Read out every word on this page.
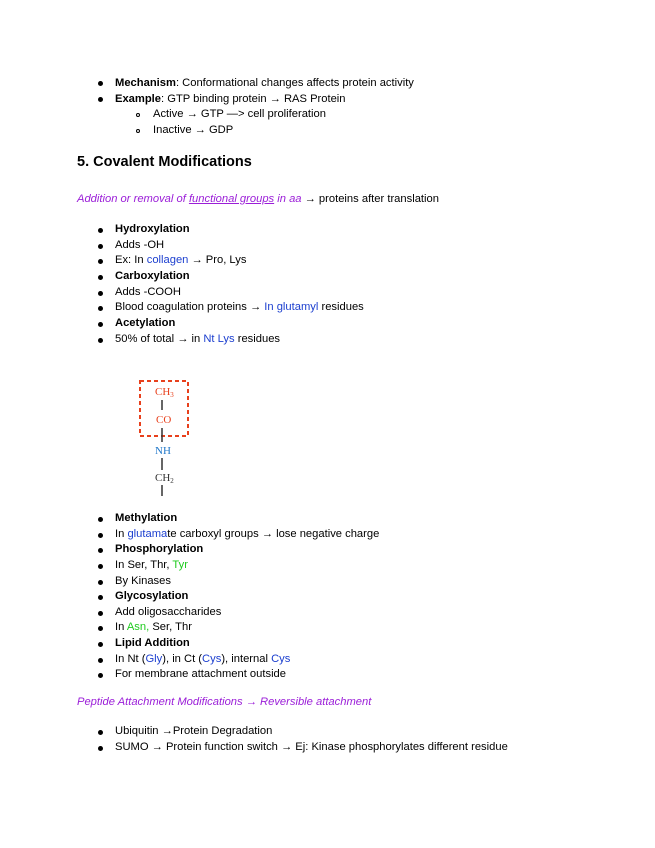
Mechanism: Conformational changes affects protein activity
Example: GTP binding protein → RAS Protein
Active → GTP —> cell proliferation
Inactive → GDP
5. Covalent Modifications
Addition or removal of functional groups in aa → proteins after translation
Hydroxylation
Adds -OH
Ex: In collagen → Pro, Lys
Carboxylation
Adds -COOH
Blood coagulation proteins → In glutamyl residues
Acetylation
50% of total → in Nt Lys residues
CH3
CO
NH
CH2
Methylation
In glutamate carboxyl groups → lose negative charge
Phosphorylation
In Ser, Thr, Tyr
By Kinases
Glycosylation
Add oligosaccharides
In Asn, Ser, Thr
Lipid Addition
In Nt (Gly), in Ct (Cys), internal Cys
For membrane attachment outside
Peptide Attachment Modifications → Reversible attachment
Ubiquitin →Protein Degradation
SUMO → Protein function switch → Ej: Kinase phosphorylates different residue
